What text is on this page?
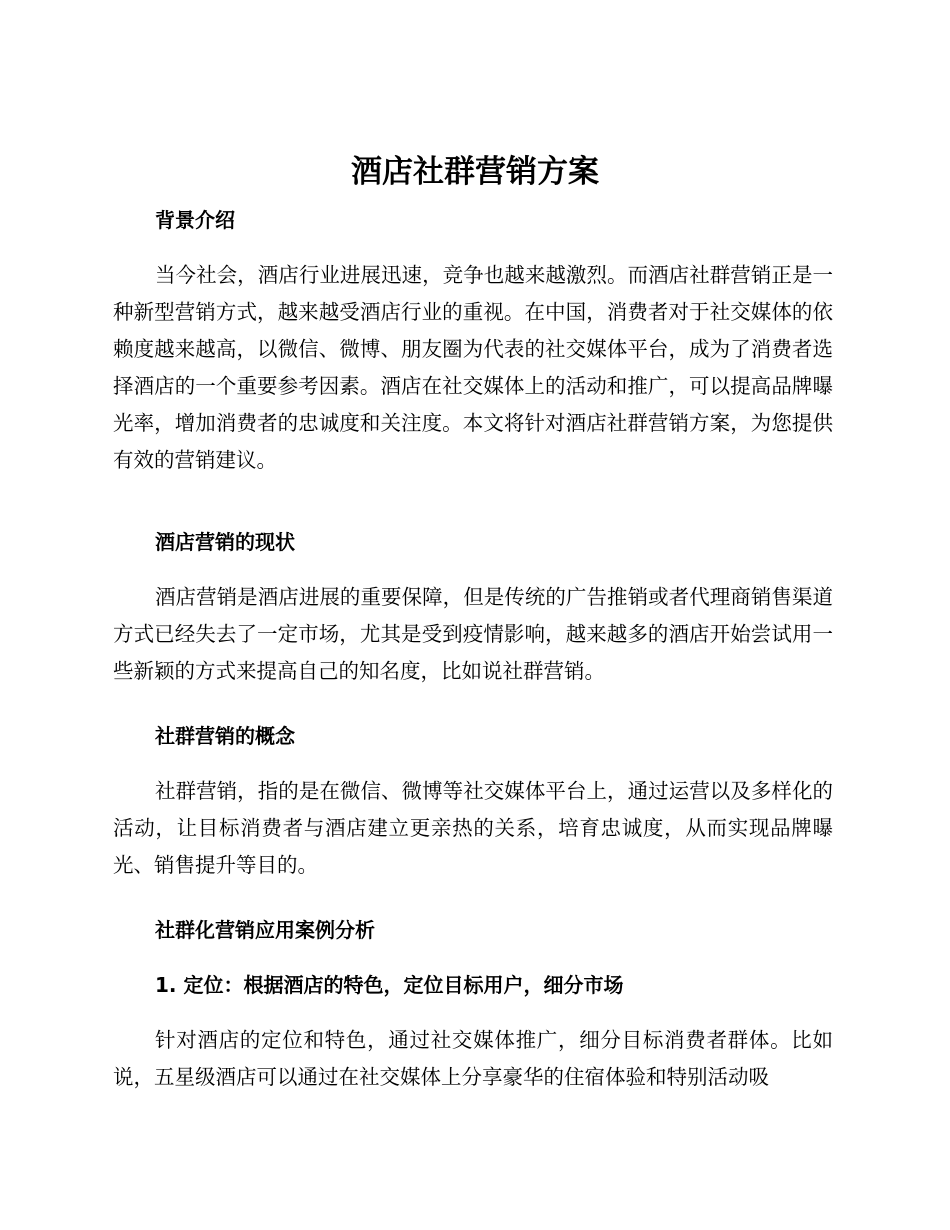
酒店社群营销方案
背景介绍

当今社会，酒店行业进展迅速，竞争也越来越激烈。而酒店社群营销正是一种新型营销方式，越来越受酒店行业的重视。在中国，消费者对于社交媒体的依赖度越来越高，以微信、微博、朋友圈为代表的社交媒体平台，成为了消费者选择酒店的一个重要参考因素。酒店在社交媒体上的活动和推广，可以提高品牌曝光率，增加消费者的忠诚度和关注度。本文将针对酒店社群营销方案，为您提供有效的营销建议。

酒店营销的现状

酒店营销是酒店进展的重要保障，但是传统的广告推销或者代理商销售渠道方式已经失去了一定市场，尤其是受到疫情影响，越来越多的酒店开始尝试用一些新颖的方式来提高自己的知名度，比如说社群营销。

社群营销的概念

社群营销，指的是在微信、微博等社交媒体平台上，通过运营以及多样化的活动，让目标消费者与酒店建立更亲热的关系，培育忠诚度，从而实现品牌曝光、销售提升等目的。

社群化营销应用案例分析
1. 定位：根据酒店的特色，定位目标用户，细分市场

针对酒店的定位和特色，通过社交媒体推广，细分目标消费者群体。比如说，五星级酒店可以通过在社交媒体上分享豪华的住宿体验和特别活动吸
